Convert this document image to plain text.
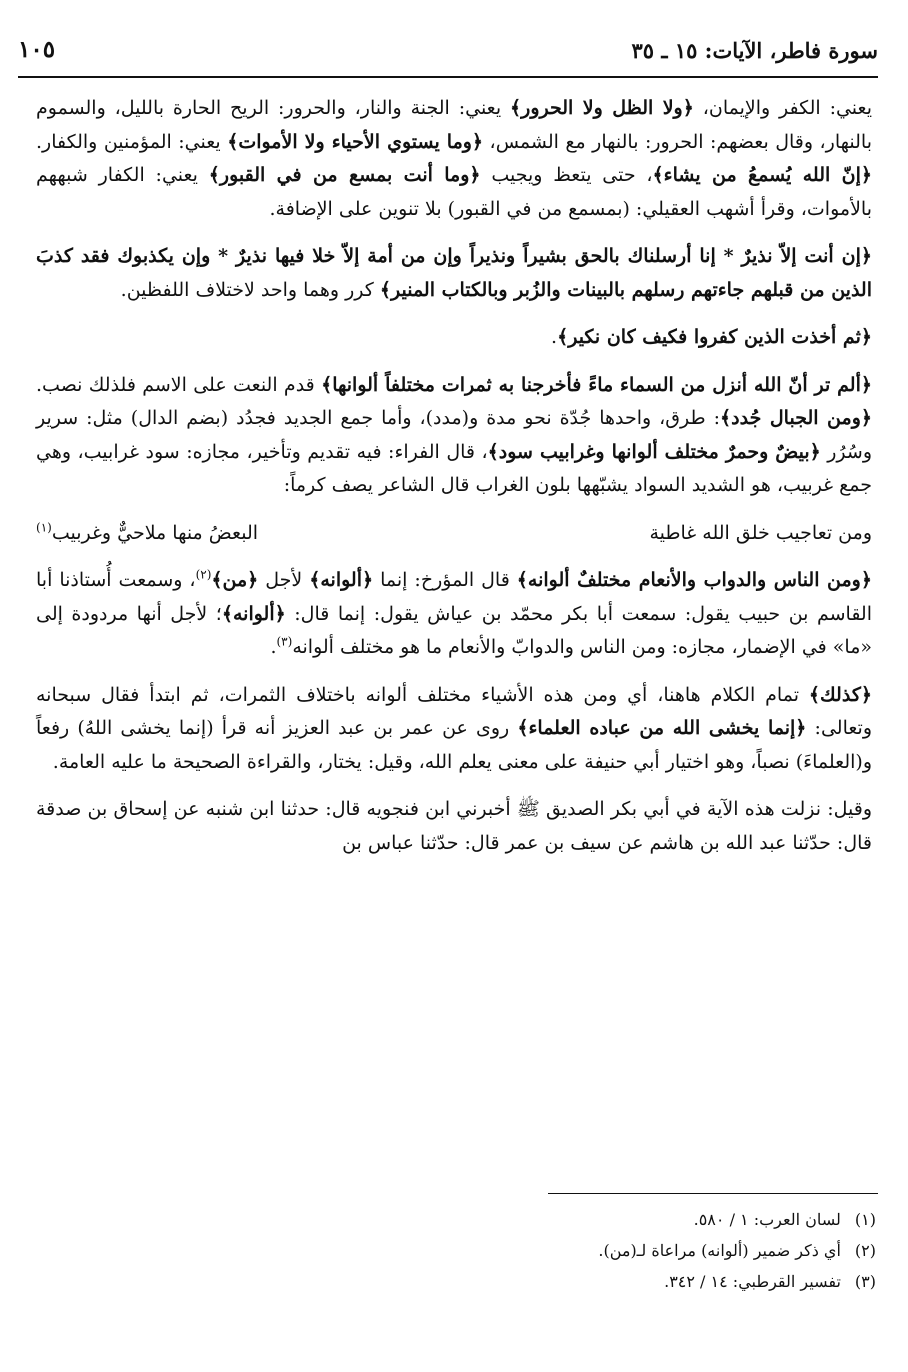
سورة فاطر، الآيات: ١٥ ـ ٣٥
١٠٥

يعني: الكفر والإيمان، ﴿ولا الظل ولا الحرور﴾ يعني: الجنة والنار، والحرور: الريح الحارة بالليل، والسموم بالنهار، وقال بعضهم: الحرور: بالنهار مع الشمس، ﴿وما يستوي الأحياء ولا الأموات﴾ يعني: المؤمنين والكفار. ﴿إنّ الله يُسمعُ من يشاء﴾، حتى يتعظ ويجيب ﴿وما أنت بمسع من في القبور﴾ يعني: الكفار شبههم بالأموات، وقرأ أشهب العقيلي: (بمسمع من في القبور) بلا تنوين على الإضافة.

﴿إن أنت إلاّ نذيرٌ * إنا أرسلناك بالحق بشيراً ونذيراً وإن من أمة إلاّ خلا فيها نذيرٌ * وإن يكذبوك فقد كذبَ الذين من قبلهم جاءتهم رسلهم بالبينات والزُبر وبالكتاب المنير﴾ كرر وهما واحد لاختلاف اللفظين.

﴿ثم أخذت الذين كفروا فكيف كان نكير﴾.

﴿ألم تر أنّ الله أنزل من السماء ماءً فأخرجنا به ثمرات مختلفاً ألوانها﴾ قدم النعت على الاسم فلذلك نصب. ﴿ومن الجبال جُدد﴾: طرق، واحدها جُدّة نحو مدة و(مدد)، وأما جمع الجديد فجدُد (بضم الدال) مثل: سرير وسُرُر ﴿بيضٌ وحمرٌ مختلف ألوانها وغرابيب سود﴾، قال الفراء: فيه تقديم وتأخير، مجازه: سود غرابيب، وهي جمع غربيب، هو الشديد السواد يشبّهها بلون الغراب قال الشاعر يصف كرماً:

ومن تعاجيب خلق الله غاطية
البعضُ منها ملاحيٌّ وغربيب$^{(١)}$

﴿ومن الناس والدواب والأنعام مختلفٌ ألوانه﴾ قال المؤرخ: إنما ﴿ألوانه﴾ لأجل ﴿من﴾$^{(٢)}$، وسمعت أُستاذنا أبا القاسم بن حبيب يقول: سمعت أبا بكر محمّد بن عياش يقول: إنما قال: ﴿ألوانه﴾؛ لأجل أنها مردودة إلى «ما» في الإضمار، مجازه: ومن الناس والدوابّ والأنعام ما هو مختلف ألوانه$^{(٣)}$.

﴿كذلك﴾ تمام الكلام هاهنا، أي ومن هذه الأشياء مختلف ألوانه باختلاف الثمرات، ثم ابتدأ فقال سبحانه وتعالى: ﴿إنما يخشى الله من عباده العلماء﴾ روى عن عمر بن عبد العزيز أنه قرأ (إنما يخشى اللهُ) رفعاً و(العلماءَ) نصباً، وهو اختيار أبي حنيفة على معنى يعلم الله، وقيل: يختار، والقراءة الصحيحة ما عليه العامة.

وقيل: نزلت هذه الآية في أبي بكر الصديق ﷺ أخبرني ابن فنجويه قال: حدثنا ابن شنبه عن إسحاق بن صدقة قال: حدّثنا عبد الله بن هاشم عن سيف بن عمر قال: حدّثنا عباس بن

(١)
لسان العرب: ١ / ٥٨٠.
(٢)
أي ذكر ضمير (ألوانه) مراعاة لـ(من).
(٣)
تفسير القرطبي: ١٤ / ٣٤٢.
